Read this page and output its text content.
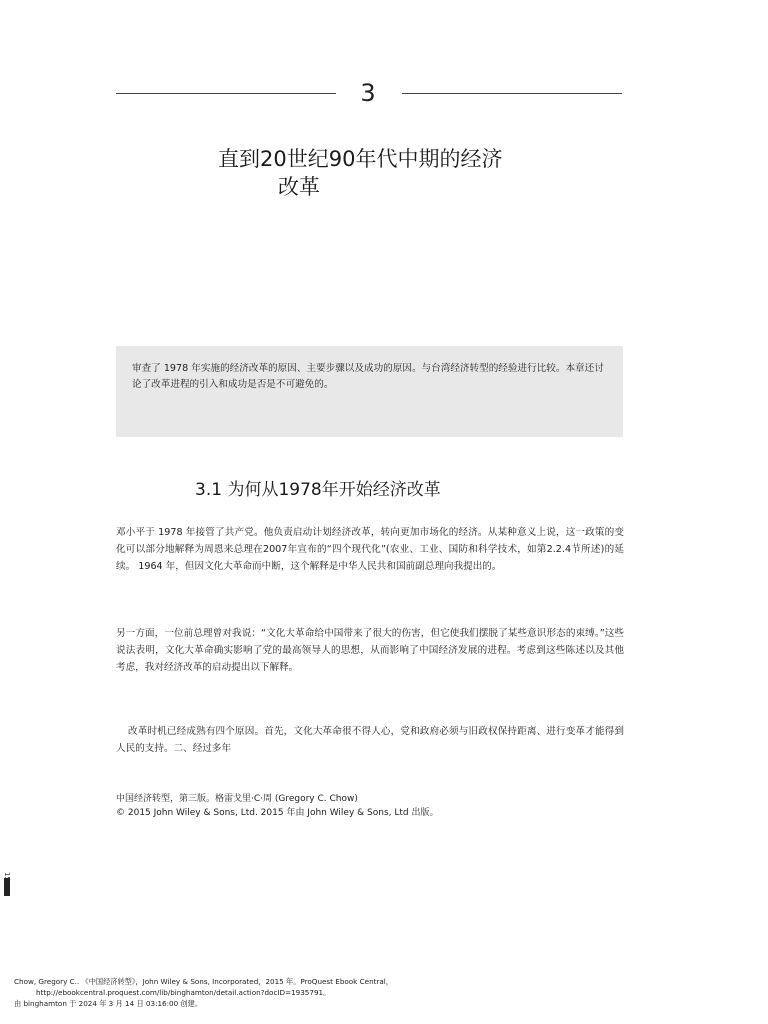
3
直到20世纪90年代中期的经济
改革
审查了 1978 年实施的经济改革的原因、主要步骤以及成功的原因。与台湾经济转型的经验进行比较。本章还讨论了改革进程的引入和成功是否是不可避免的。
3.1 为何从1978年开始经济改革
邓小平于 1978 年接管了共产党。他负责启动计划经济改革，转向更加市场化的经济。从某种意义上说，这一政策的变化可以部分地解释为周恩来总理在2007年宣布的“四个现代化”(农业、工业、国防和科学技术，如第2.2.4节所述)的延续。 1964 年，但因文化大革命而中断，这个解释是中华人民共和国前副总理向我提出的。
另一方面，一位前总理曾对我说：“文化大革命给中国带来了很大的伤害，但它使我们摆脱了某些意识形态的束缚。”这些说法表明，文化大革命确实影响了党的最高领导人的思想，从而影响了中国经济发展的进程。考虑到这些陈述以及其他考虑，我对经济改革的启动提出以下解释。
改革时机已经成熟有四个原因。首先，文化大革命很不得人心，党和政府必须与旧政权保持距离、进行变革才能得到人民的支持。二、经过多年
中国经济转型，第三版。格雷戈里·C·周 (Gregory C. Chow)
© 2015 John Wiley & Sons, Ltd. 2015 年由 John Wiley & Sons, Ltd 出版。
15。
Chow, Gregory C.. 《中国经济转型》，John Wiley & Sons, Incorporated，2015 年。ProQuest Ebook Central，
http://ebookcentral.proquest.com/lib/binghamton/detail.action?docID=1935791。
由 binghamton 于 2024 年 3 月 14 日 03:16:00 创建。
